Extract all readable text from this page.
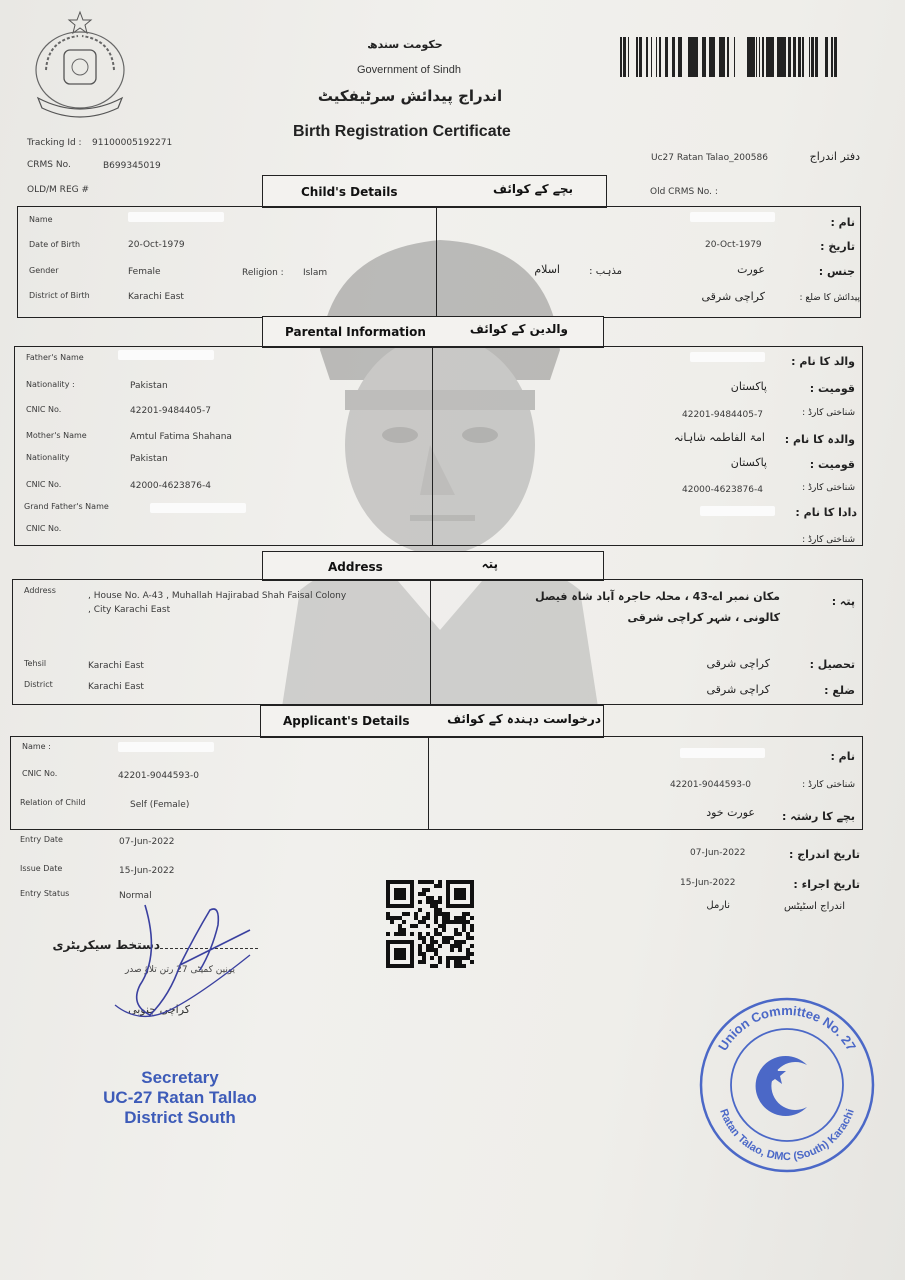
حکومت سندھ
Government of Sindh
اندراج پیدائش سرٹیفکیٹ
Birth Registration Certificate
Tracking Id : 91100005192271
CRMS No.	B699345019
OLD/M REG #
Uc27 Ratan Talao_200586	دفتر اندراج
Old CRMS No. :
Child's Details	بچے کے کوائف
Name
Date of Birth	20-Oct-1979
Gender	Female	Religion : Islam
District of Birth	Karachi East
نام :
تاریخ :
20-Oct-1979
جنس :
عورت
مذہب :
اسلام
پیدائش کا ضلع :
کراچی شرقی
Parental Information	والدین کے کوائف
Father's Name
Nationality :	Pakistan
CNIC No.	42201-9484405-7
Mother's Name	Amtul Fatima Shahana
Nationality	Pakistan
CNIC No.	42000-4623876-4
Grand Father's Name
CNIC No.
والد کا نام :
قومیت :
پاکستان
شناختی کارڈ :
42201-9484405-7
والدہ کا نام :
امۃ الفاطمہ شاہانہ
قومیت :
پاکستان
شناختی کارڈ :
42000-4623876-4
دادا کا نام :
شناختی کارڈ :
Address	پتہ
Address
, House No. A-43 , Muhallah Hajirabad Shah Faisal Colony
, City Karachi East
Tehsil	Karachi East
District	Karachi East
پتہ :
مکان نمبر اے-43 ، محلہ حاجرہ آباد شاہ فیصل
کالونی ، شہر کراچی شرقی
تحصیل :
کراچی شرقی
ضلع :
کراچی شرقی
Applicant's Details	درخواست دہندہ کے کوائف
Name :
CNIC No.	42201-9044593-0
Relation of Child	Self (Female)
نام :
شناختی کارڈ :
42201-9044593-0
بچے کا رشتہ :
عورت خود
Entry Date	07-Jun-2022
Issue Date	15-Jun-2022
Entry Status	Normal
تاریخ اندراج :
07-Jun-2022
تاریخ اجراء :
15-Jun-2022
اندراج اسٹیٹس
نارمل
دستخط سیکریٹری
یونین کمیٹی 27 رتن تلاؤ صدر
کراچی جنوبی
Secretary
UC-27 Ratan Tallao
District South
Union Committee No. 27
Ratan Talao, DMC (South) Karachi
